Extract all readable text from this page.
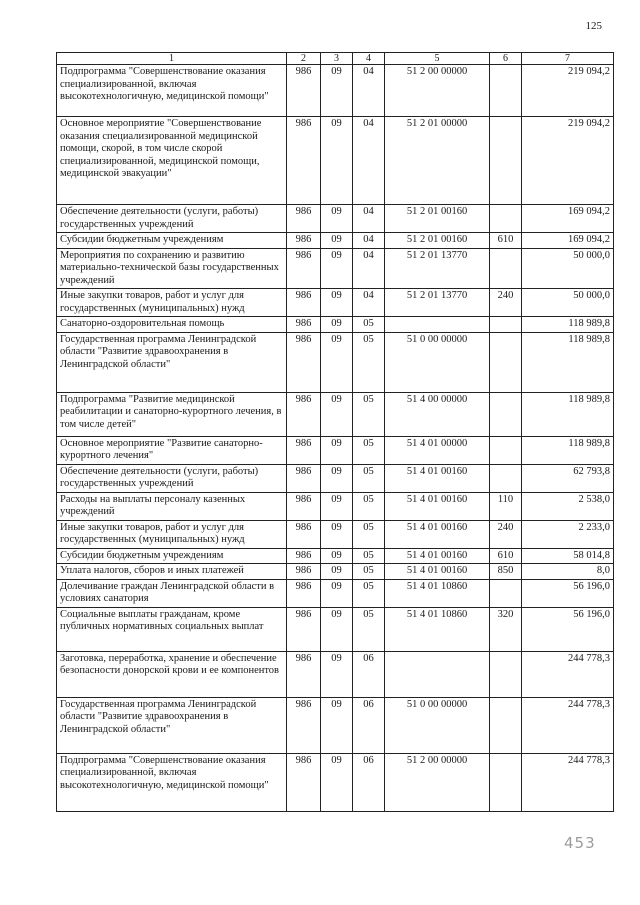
125
1	2	3	4	5	6	7
Подпрограмма "Совершенствование оказания специализированной, включая высокотехнологичную, медицинской помощи"	986	09	04	51 2 00 00000		219 094,2
Основное мероприятие "Совершенствование оказания специализированной медицинской помощи, скорой, в том числе скорой специализированной, медицинской помощи, медицинской эвакуации"	986	09	04	51 2 01 00000		219 094,2
Обеспечение деятельности (услуги, работы) государственных учреждений	986	09	04	51 2 01 00160		169 094,2
Субсидии бюджетным учреждениям	986	09	04	51 2 01 00160	610	169 094,2
Мероприятия по сохранению и развитию материально-технической базы государственных учреждений	986	09	04	51 2 01 13770		50 000,0
Иные закупки товаров, работ и услуг для государственных (муниципальных) нужд	986	09	04	51 2 01 13770	240	50 000,0
Санаторно-оздоровительная помощь	986	09	05			118 989,8
Государственная программа Ленинградской области "Развитие здравоохранения в Ленинградской области"	986	09	05	51 0 00 00000		118 989,8
Подпрограмма "Развитие медицинской реабилитации и санаторно-курортного лечения, в том числе детей"	986	09	05	51 4 00 00000		118 989,8
Основное мероприятие "Развитие санаторно-курортного лечения"	986	09	05	51 4 01 00000		118 989,8
Обеспечение деятельности (услуги, работы) государственных учреждений	986	09	05	51 4 01 00160		62 793,8
Расходы на выплаты персоналу казенных учреждений	986	09	05	51 4 01 00160	110	2 538,0
Иные закупки товаров, работ и услуг для государственных (муниципальных) нужд	986	09	05	51 4 01 00160	240	2 233,0
Субсидии бюджетным учреждениям	986	09	05	51 4 01 00160	610	58 014,8
Уплата налогов, сборов и иных платежей	986	09	05	51 4 01 00160	850	8,0
Долечивание граждан Ленинградской области в условиях санатория	986	09	05	51 4 01 10860		56 196,0
Социальные выплаты гражданам, кроме публичных нормативных социальных выплат	986	09	05	51 4 01 10860	320	56 196,0
Заготовка, переработка, хранение и обеспечение безопасности донорской крови и ее компонентов	986	09	06			244 778,3
Государственная программа Ленинградской области "Развитие здравоохранения в Ленинградской области"	986	09	06	51 0 00 00000		244 778,3
Подпрограмма "Совершенствование оказания специализированной, включая высокотехнологичную, медицинской помощи"	986	09	06	51 2 00 00000		244 778,3
453
